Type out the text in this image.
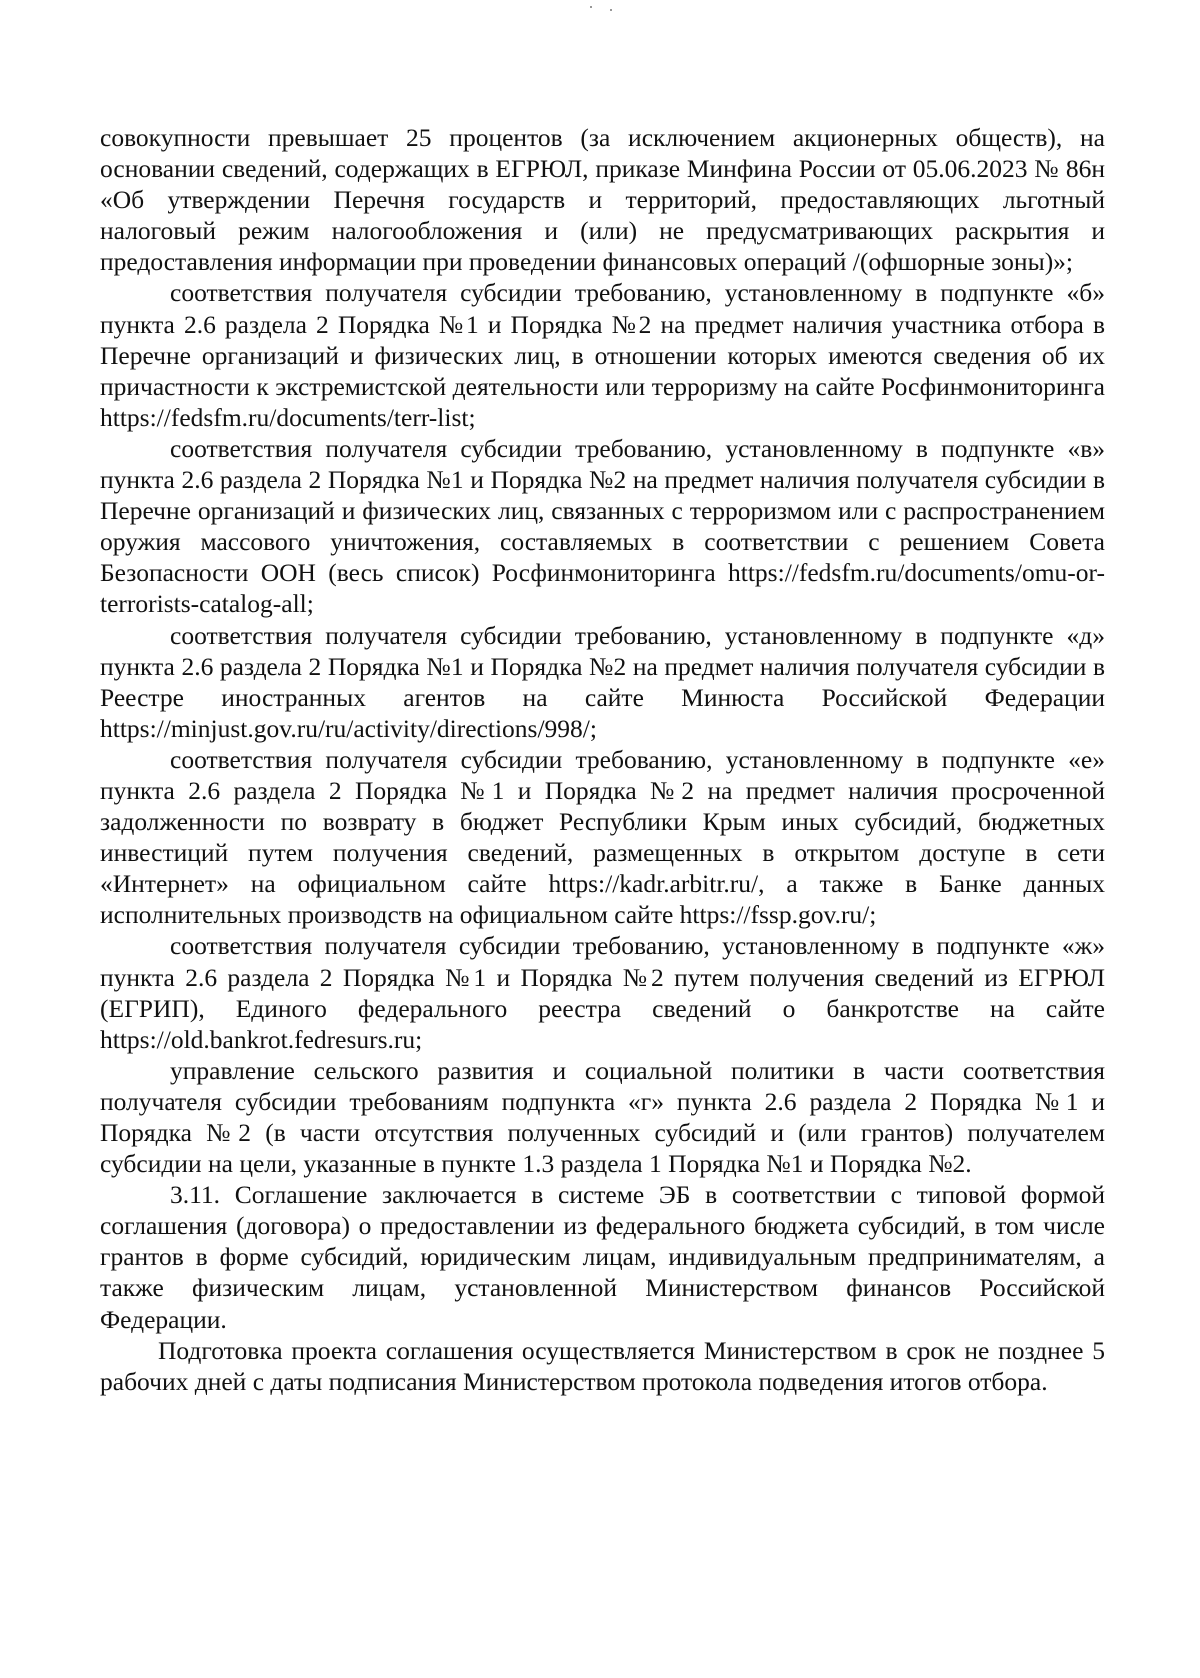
совокупности превышает 25 процентов (за исключением акционерных обществ), на основании сведений, содержащих в ЕГРЮЛ, приказе Минфина России от 05.06.2023 № 86н «Об утверждении Перечня государств и территорий, предоставляющих льготный налоговый режим налогообложения и (или) не предусматривающих раскрытия и предоставления информации при проведении финансовых операций /(офшорные зоны)»;

соответствия получателя субсидии требованию, установленному в подпункте «б» пункта 2.6 раздела 2 Порядка №1 и Порядка №2 на предмет наличия участника отбора в Перечне организаций и физических лиц, в отношении которых имеются сведения об их причастности к экстремистской деятельности или терроризму на сайте Росфинмониторинга https://fedsfm.ru/documents/terr-list;

соответствия получателя субсидии требованию, установленному в подпункте «в» пункта 2.6 раздела 2 Порядка №1 и Порядка №2 на предмет наличия получателя субсидии в Перечне организаций и физических лиц, связанных с терроризмом или с распространением оружия массового уничтожения, составляемых в соответствии с решением Совета Безопасности ООН (весь список) Росфинмониторинга https://fedsfm.ru/documents/omu-or-terrorists-catalog-all;

соответствия получателя субсидии требованию, установленному в подпункте «д» пункта 2.6 раздела 2 Порядка №1 и Порядка №2 на предмет наличия получателя субсидии в Реестре иностранных агентов на сайте Минюста Российской Федерации https://minjust.gov.ru/ru/activity/directions/998/;

соответствия получателя субсидии требованию, установленному в подпункте «е» пункта 2.6 раздела 2 Порядка №1 и Порядка №2 на предмет наличия просроченной задолженности по возврату в бюджет Республики Крым иных субсидий, бюджетных инвестиций путем получения сведений, размещенных в открытом доступе в сети «Интернет» на официальном сайте https://kadr.arbitr.ru/, а также в Банке данных исполнительных производств на официальном сайте https://fssp.gov.ru/;

соответствия получателя субсидии требованию, установленному в подпункте «ж» пункта 2.6 раздела 2 Порядка №1 и Порядка №2 путем получения сведений из ЕГРЮЛ (ЕГРИП), Единого федерального реестра сведений о банкротстве на сайте https://old.bankrot.fedresurs.ru;

управление сельского развития и социальной политики в части соответствия получателя субсидии требованиям подпункта «г» пункта 2.6 раздела 2 Порядка №1 и Порядка №2 (в части отсутствия полученных субсидий и (или грантов) получателем субсидии на цели, указанные в пункте 1.3 раздела 1 Порядка №1 и Порядка №2.

3.11. Соглашение заключается в системе ЭБ в соответствии с типовой формой соглашения (договора) о предоставлении из федерального бюджета субсидий, в том числе грантов в форме субсидий, юридическим лицам, индивидуальным предпринимателям, а также физическим лицам, установленной Министерством финансов Российской Федерации.

Подготовка проекта соглашения осуществляется Министерством в срок не позднее 5 рабочих дней с даты подписания Министерством протокола подведения итогов отбора.
